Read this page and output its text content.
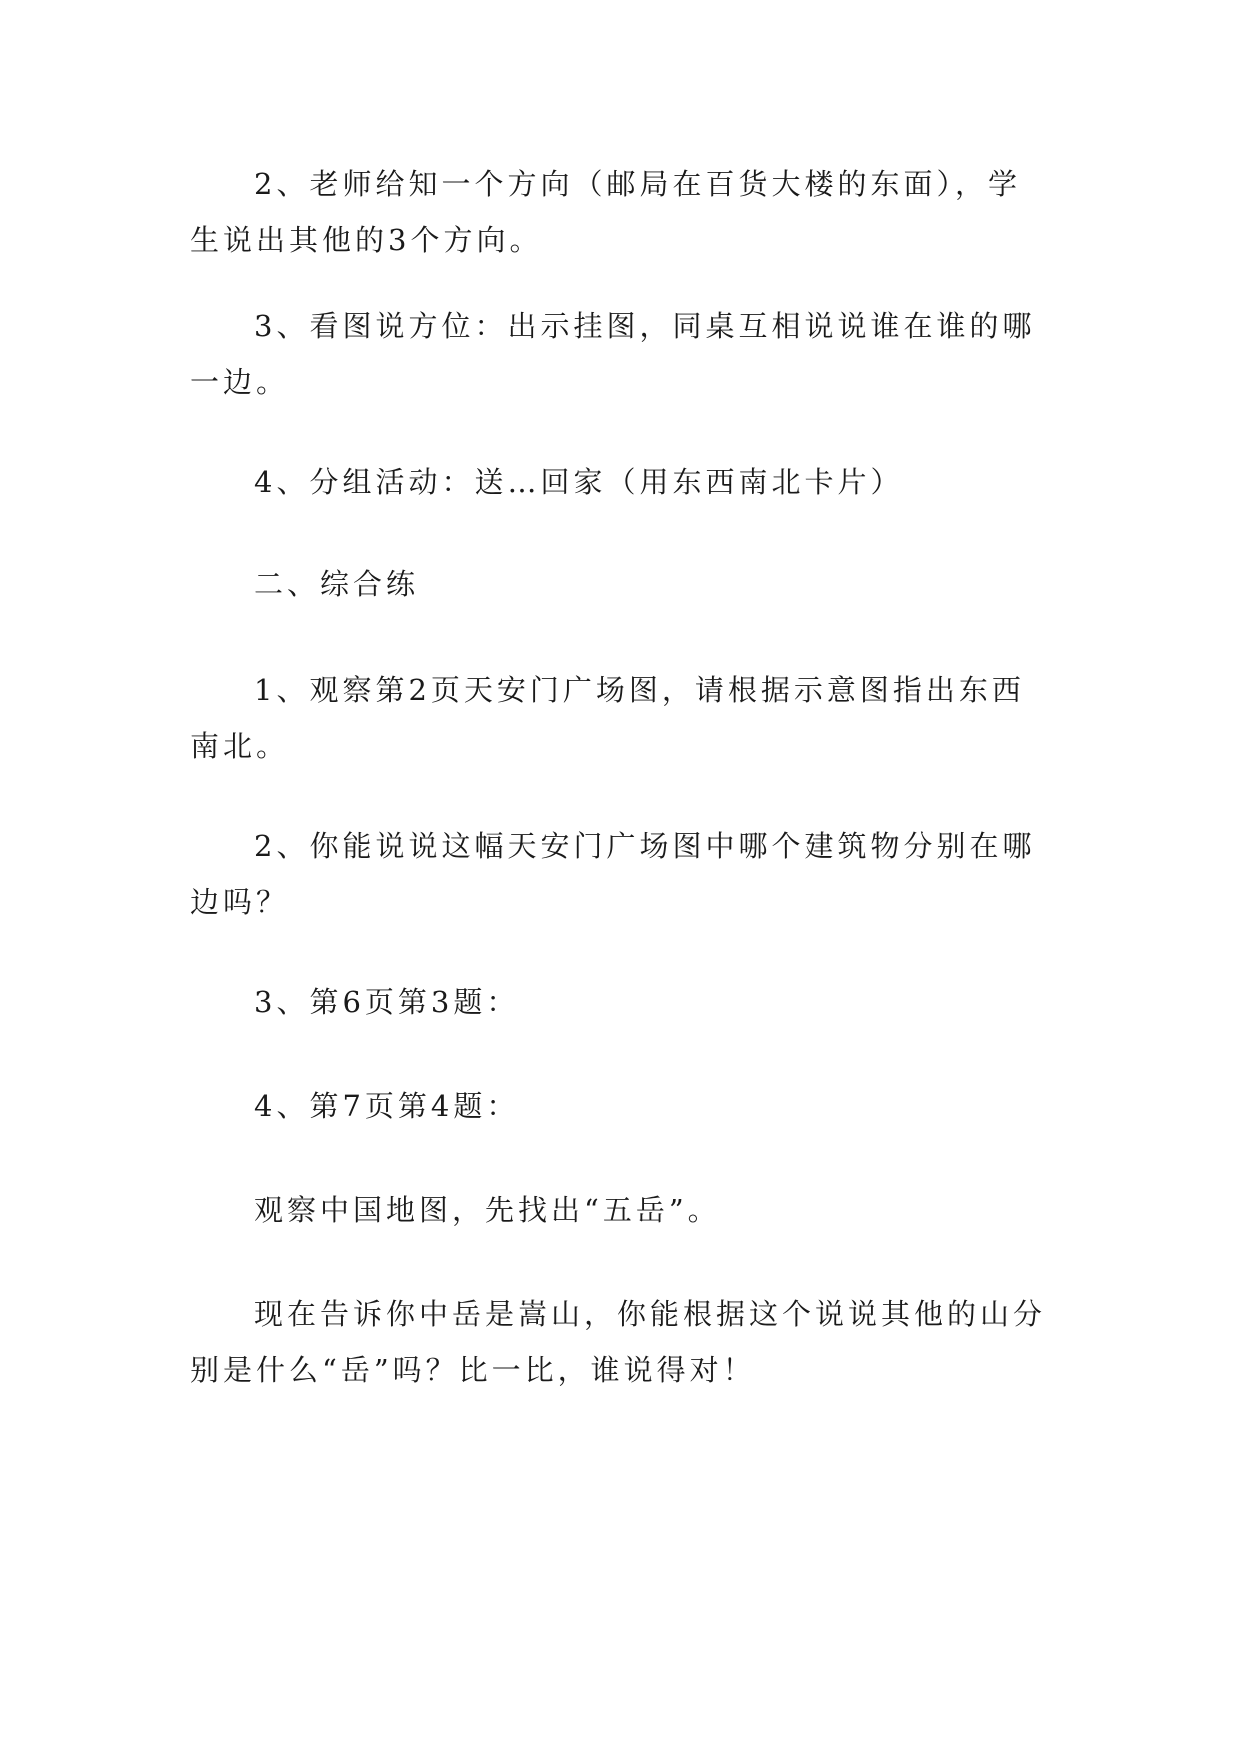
2、老师给知一个方向（邮局在百货大楼的东面），学生说出其他的3个方向。

3、看图说方位：出示挂图，同桌互相说说谁在谁的哪一边。

4、分组活动：送…回家（用东西南北卡片）

二、综合练

1、观察第2页天安门广场图，请根据示意图指出东西南北。

2、你能说说这幅天安门广场图中哪个建筑物分别在哪边吗？

3、第6页第3题：

4、第7页第4题：

观察中国地图，先找出“五岳”。

现在告诉你中岳是嵩山，你能根据这个说说其他的山分别是什么“岳”吗？比一比，谁说得对！
